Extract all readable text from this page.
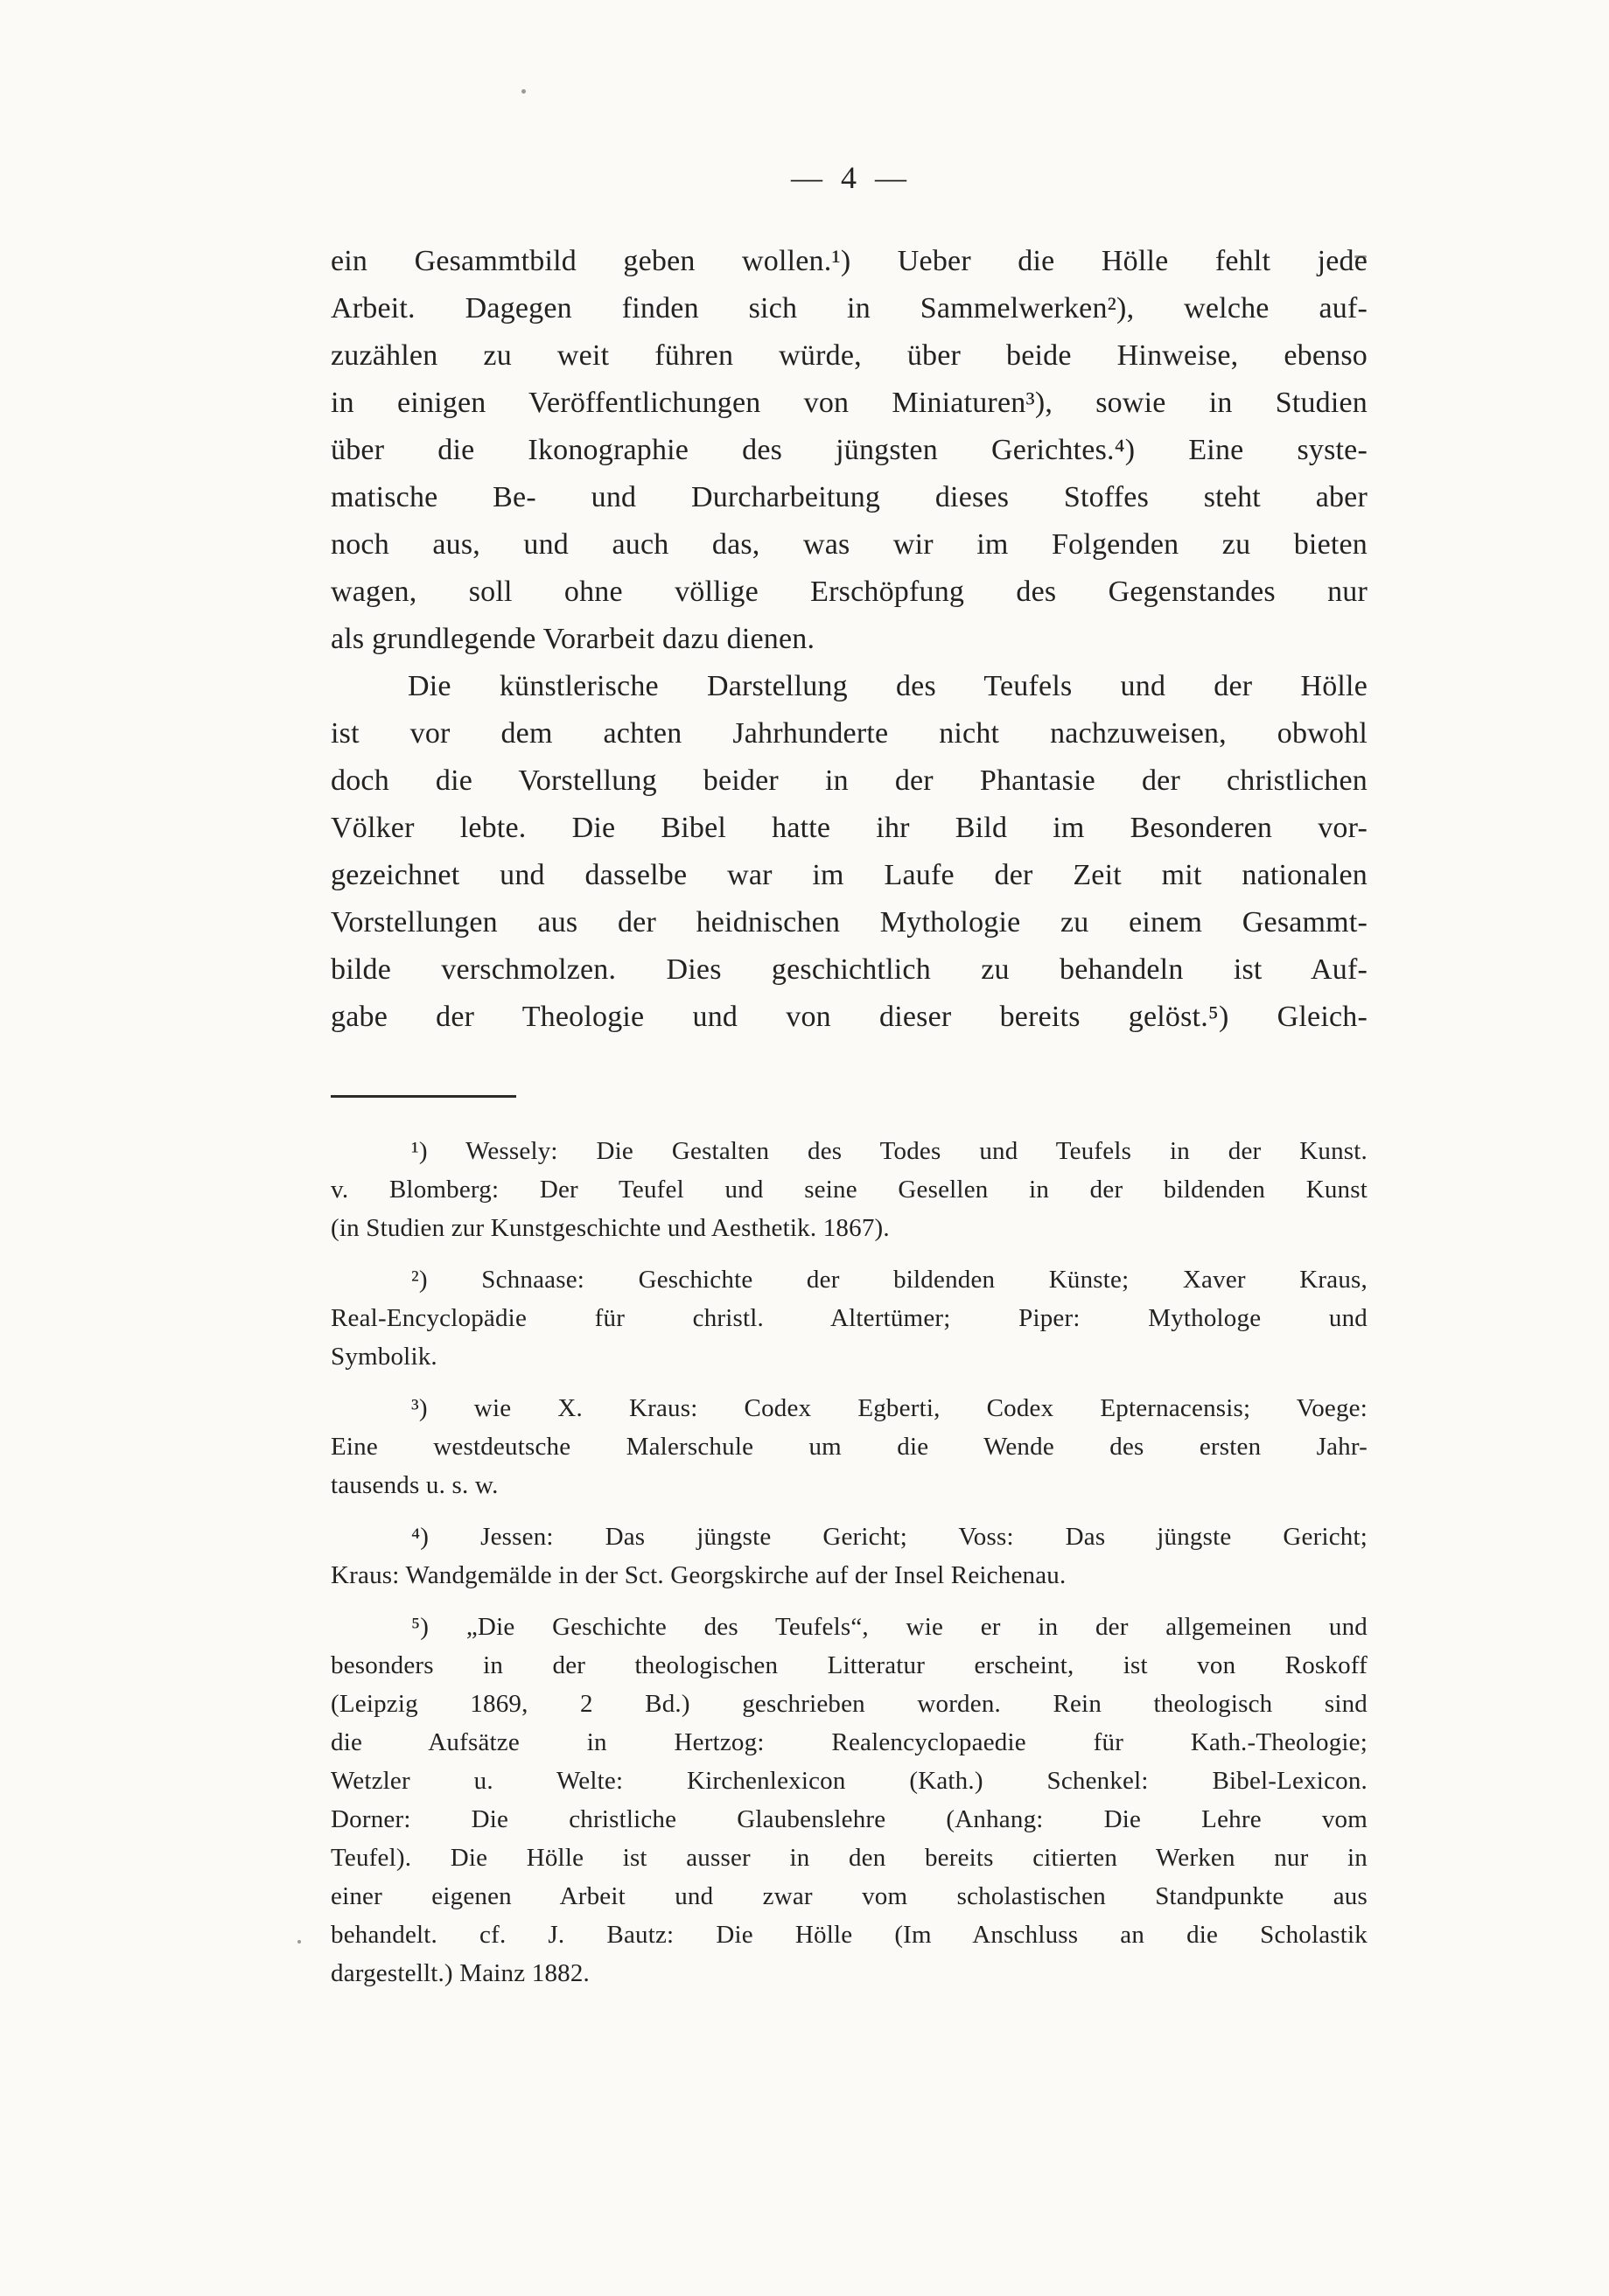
—  4  —
ein Gesammtbild geben wollen.¹) Ueber die Hölle fehlt jede
Arbeit. Dagegen finden sich in Sammelwerken²), welche auf-
zuzählen zu weit führen würde, über beide Hinweise, ebenso
in einigen Veröffentlichungen von Miniaturen³), sowie in Studien
über die Ikonographie des jüngsten Gerichtes.⁴) Eine syste-
matische Be- und Durcharbeitung dieses Stoffes steht aber
noch aus, und auch das, was wir im Folgenden zu bieten
wagen, soll ohne völlige Erschöpfung des Gegenstandes nur
als grundlegende Vorarbeit dazu dienen.
Die künstlerische Darstellung des Teufels und der Hölle
ist vor dem achten Jahrhunderte nicht nachzuweisen, obwohl
doch die Vorstellung beider in der Phantasie der christlichen
Völker lebte. Die Bibel hatte ihr Bild im Besonderen vor-
gezeichnet und dasselbe war im Laufe der Zeit mit nationalen
Vorstellungen aus der heidnischen Mythologie zu einem Gesammt-
bilde verschmolzen. Dies geschichtlich zu behandeln ist Auf-
gabe der Theologie und von dieser bereits gelöst.⁵) Gleich-
¹) Wessely: Die Gestalten des Todes und Teufels in der Kunst.
v. Blomberg: Der Teufel und seine Gesellen in der bildenden Kunst
(in Studien zur Kunstgeschichte und Aesthetik. 1867).
²) Schnaase: Geschichte der bildenden Künste; Xaver Kraus,
Real-Encyclopädie für christl. Altertümer; Piper: Mythologe und
Symbolik.
³) wie X. Kraus: Codex Egberti, Codex Epternacensis; Voege:
Eine westdeutsche Malerschule um die Wende des ersten Jahr-
tausends u. s. w.
⁴) Jessen: Das jüngste Gericht; Voss: Das jüngste Gericht;
Kraus: Wandgemälde in der Sct. Georgskirche auf der Insel Reichenau.
⁵) „Die Geschichte des Teufels“, wie er in der allgemeinen und
besonders in der theologischen Litteratur erscheint, ist von Roskoff
(Leipzig 1869, 2 Bd.) geschrieben worden. Rein theologisch sind
die Aufsätze in Hertzog: Realencyclopaedie für Kath.-Theologie;
Wetzler u. Welte: Kirchenlexicon (Kath.) Schenkel: Bibel-Lexicon.
Dorner: Die christliche Glaubenslehre (Anhang: Die Lehre vom
Teufel). Die Hölle ist ausser in den bereits citierten Werken nur in
einer eigenen Arbeit und zwar vom scholastischen Standpunkte aus
behandelt. cf. J. Bautz: Die Hölle (Im Anschluss an die Scholastik
dargestellt.) Mainz 1882.
